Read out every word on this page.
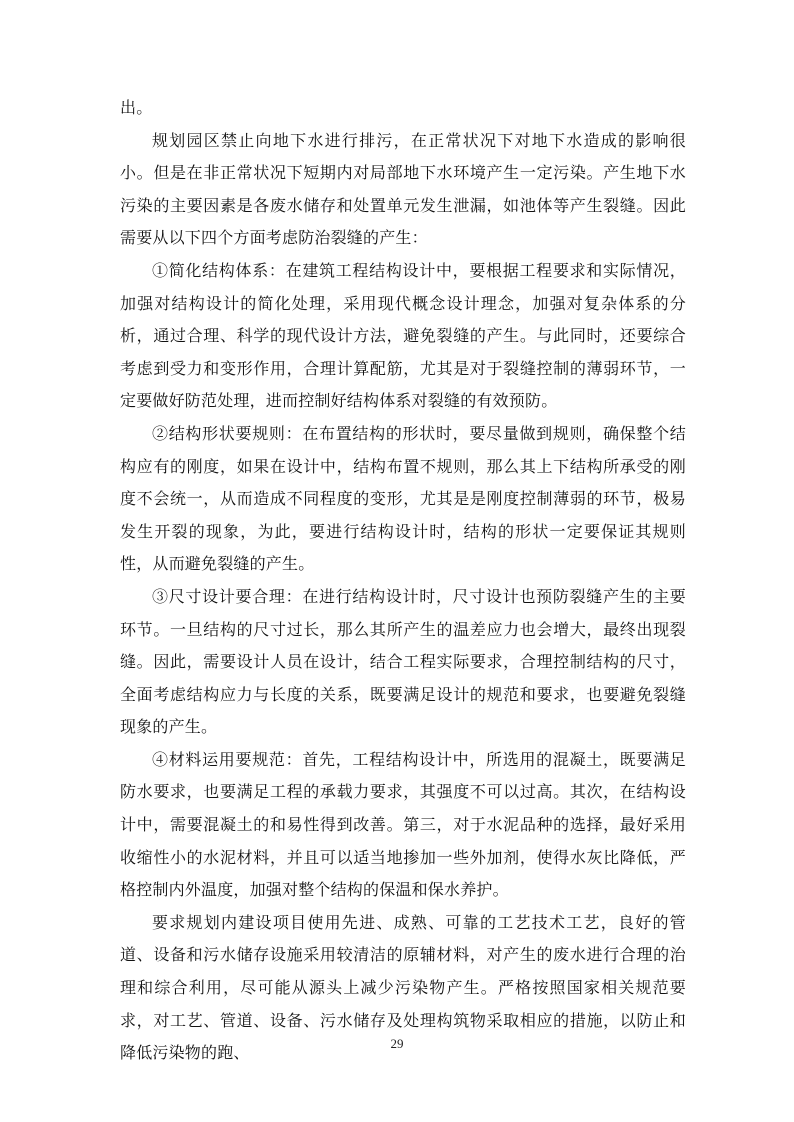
出。

规划园区禁止向地下水进行排污，在正常状况下对地下水造成的影响很小。但是在非正常状况下短期内对局部地下水环境产生一定污染。产生地下水污染的主要因素是各废水储存和处置单元发生泄漏，如池体等产生裂缝。因此需要从以下四个方面考虑防治裂缝的产生：

①简化结构体系：在建筑工程结构设计中，要根据工程要求和实际情况，加强对结构设计的简化处理，采用现代概念设计理念，加强对复杂体系的分析，通过合理、科学的现代设计方法，避免裂缝的产生。与此同时，还要综合考虑到受力和变形作用，合理计算配筋，尤其是对于裂缝控制的薄弱环节，一定要做好防范处理，进而控制好结构体系对裂缝的有效预防。

②结构形状要规则：在布置结构的形状时，要尽量做到规则，确保整个结构应有的刚度，如果在设计中，结构布置不规则，那么其上下结构所承受的刚度不会统一，从而造成不同程度的变形，尤其是是刚度控制薄弱的环节，极易发生开裂的现象，为此，要进行结构设计时，结构的形状一定要保证其规则性，从而避免裂缝的产生。

③尺寸设计要合理：在进行结构设计时，尺寸设计也预防裂缝产生的主要环节。一旦结构的尺寸过长，那么其所产生的温差应力也会增大，最终出现裂缝。因此，需要设计人员在设计，结合工程实际要求，合理控制结构的尺寸，全面考虑结构应力与长度的关系，既要满足设计的规范和要求，也要避免裂缝现象的产生。

④材料运用要规范：首先，工程结构设计中，所选用的混凝土，既要满足防水要求，也要满足工程的承载力要求，其强度不可以过高。其次，在结构设计中，需要混凝土的和易性得到改善。第三，对于水泥品种的选择，最好采用收缩性小的水泥材料，并且可以适当地掺加一些外加剂，使得水灰比降低，严格控制内外温度，加强对整个结构的保温和保水养护。

要求规划内建设项目使用先进、成熟、可靠的工艺技术工艺，良好的管道、设备和污水储存设施采用较清洁的原辅材料，对产生的废水进行合理的治理和综合利用，尽可能从源头上减少污染物产生。严格按照国家相关规范要求，对工艺、管道、设备、污水储存及处理构筑物采取相应的措施，以防止和降低污染物的跑、	29
